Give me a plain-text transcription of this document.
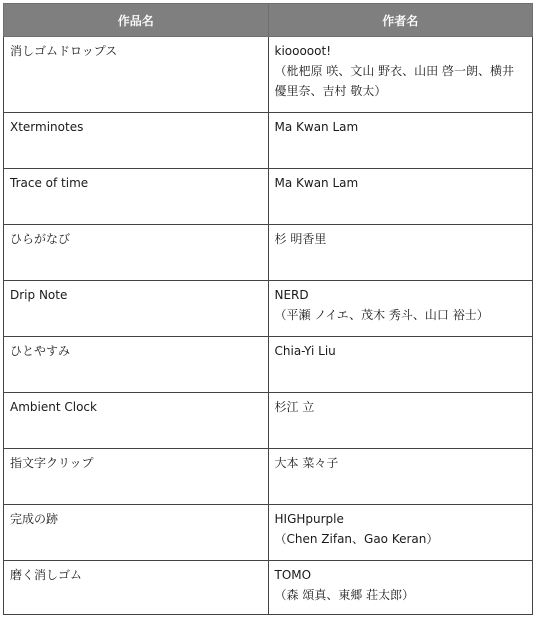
作品名	作者名
消しゴムドロップス	kiooooot!
（枇杷原 咲、文山 野衣、山田 啓一朗、横井
優里奈、吉村 敬太）

Xterminotes	Ma Kwan Lam

Trace of time	Ma Kwan Lam

ひらがなび	杉 明香里

Drip Note	NERD
（平瀬 ノイエ、茂木 秀斗、山口 裕士）

ひとやすみ	Chia-Yi Liu

Ambient Clock	杉江 立

指文字クリップ	大本 菜々子

完成の跡	HIGHpurple
（Chen Zifan、Gao Keran）

磨く消しゴム	TOMO
（森 頌真、東郷 荘太郎）
